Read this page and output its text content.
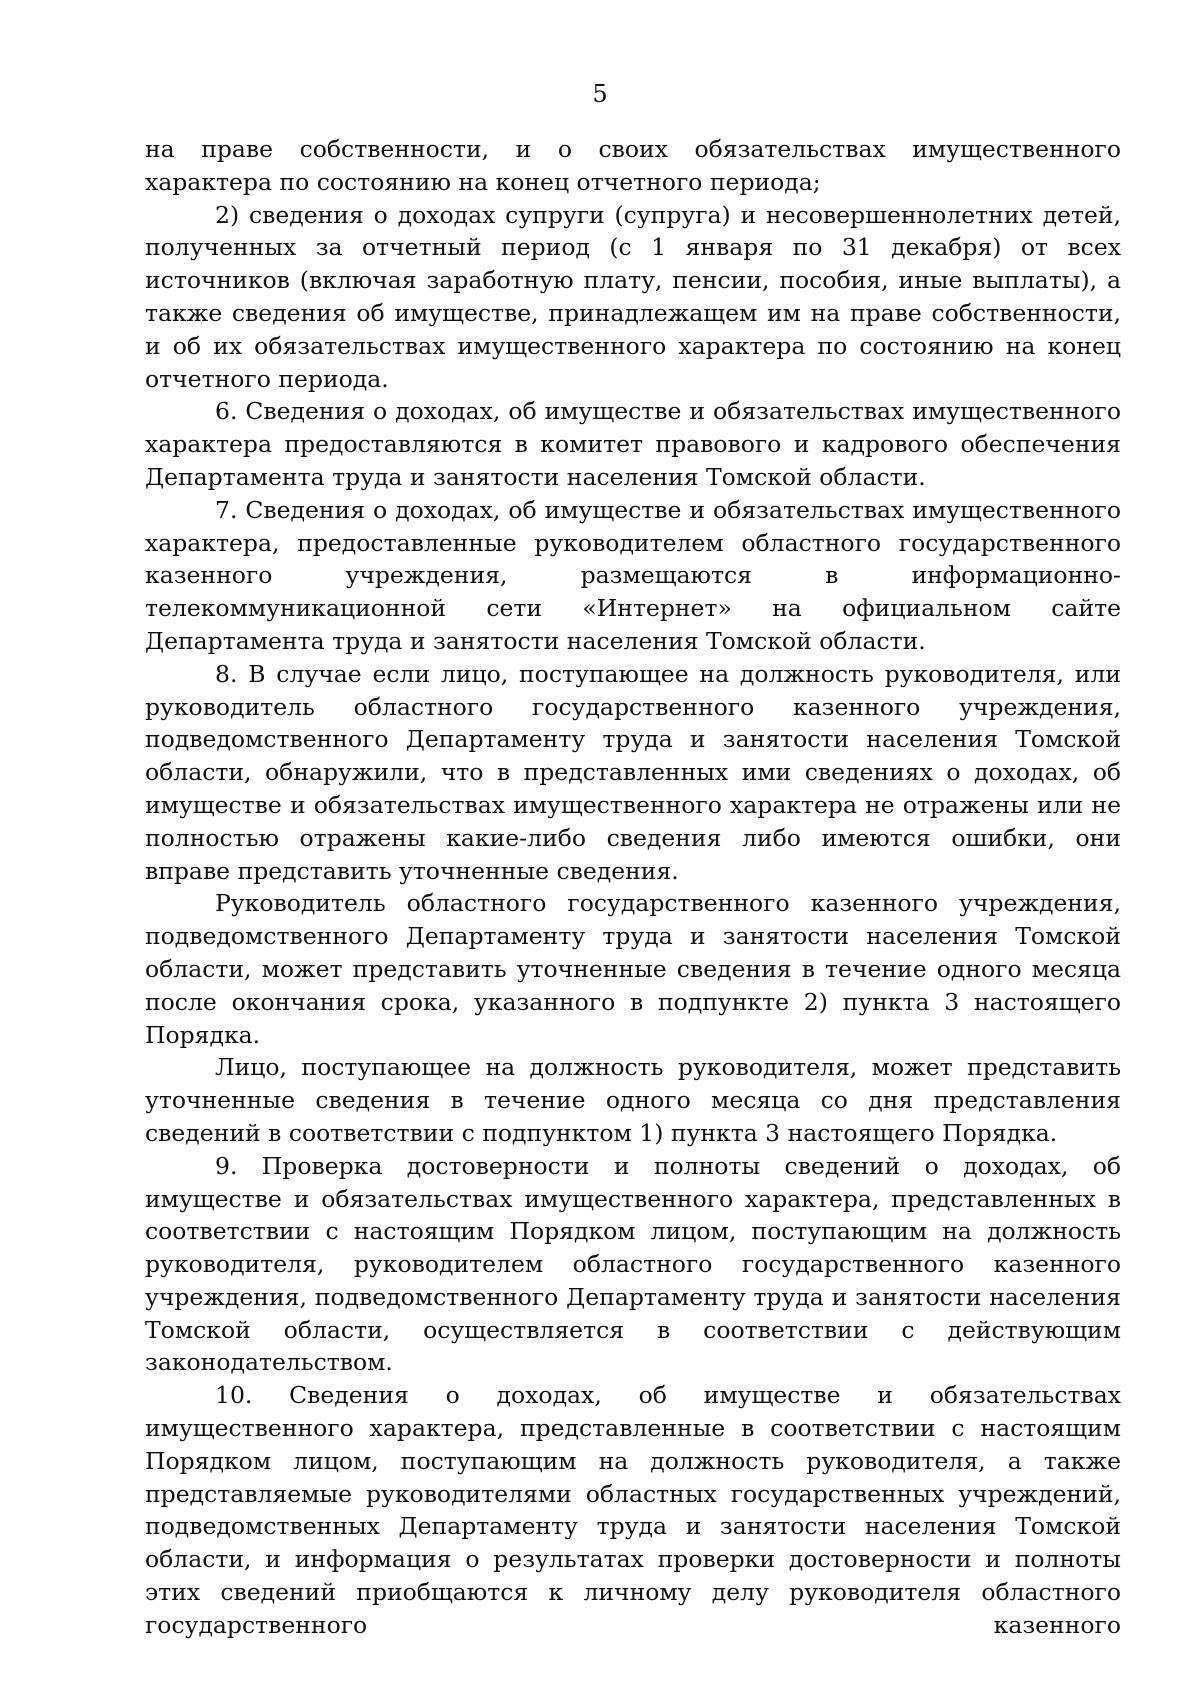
5

на праве собственности, и о своих обязательствах имущественного характера по состоянию на конец отчетного периода;

2) сведения о доходах супруги (супруга) и несовершеннолетних детей, полученных за отчетный период (с 1 января по 31 декабря) от всех источников (включая заработную плату, пенсии, пособия, иные выплаты), а также сведения об имуществе, принадлежащем им на праве собственности, и об их обязательствах имущественного характера по состоянию на конец отчетного периода.

6. Сведения о доходах, об имуществе и обязательствах имущественного характера предоставляются в комитет правового и кадрового обеспечения Департамента труда и занятости населения Томской области.

7. Сведения о доходах, об имуществе и обязательствах имущественного характера, предоставленные руководителем областного государственного казенного учреждения, размещаются в информационно-телекоммуникационной сети «Интернет» на официальном сайте Департамента труда и занятости населения Томской области.

8. В случае если лицо, поступающее на должность руководителя, или руководитель областного государственного казенного учреждения, подведомственного Департаменту труда и занятости населения Томской области, обнаружили, что в представленных ими сведениях о доходах, об имуществе и обязательствах имущественного характера не отражены или не полностью отражены какие-либо сведения либо имеются ошибки, они вправе представить уточненные сведения.

Руководитель областного государственного казенного учреждения, подведомственного Департаменту труда и занятости населения Томской области, может представить уточненные сведения в течение одного месяца после окончания срока, указанного в подпункте 2) пункта 3 настоящего Порядка.

Лицо, поступающее на должность руководителя, может представить уточненные сведения в течение одного месяца со дня представления сведений в соответствии с подпунктом 1) пункта 3 настоящего Порядка.

9. Проверка достоверности и полноты сведений о доходах, об имуществе и обязательствах имущественного характера, представленных в соответствии с настоящим Порядком лицом, поступающим на должность руководителя, руководителем областного государственного казенного учреждения, подведомственного Департаменту труда и занятости населения Томской области, осуществляется в соответствии с действующим законодательством.

10. Сведения о доходах, об имуществе и обязательствах имущественного характера, представленные в соответствии с настоящим Порядком лицом, поступающим на должность руководителя, а также представляемые руководителями областных государственных учреждений, подведомственных Департаменту труда и занятости населения Томской области, и информация о результатах проверки достоверности и полноты этих сведений приобщаются к личному делу руководителя областного государственного казенного
